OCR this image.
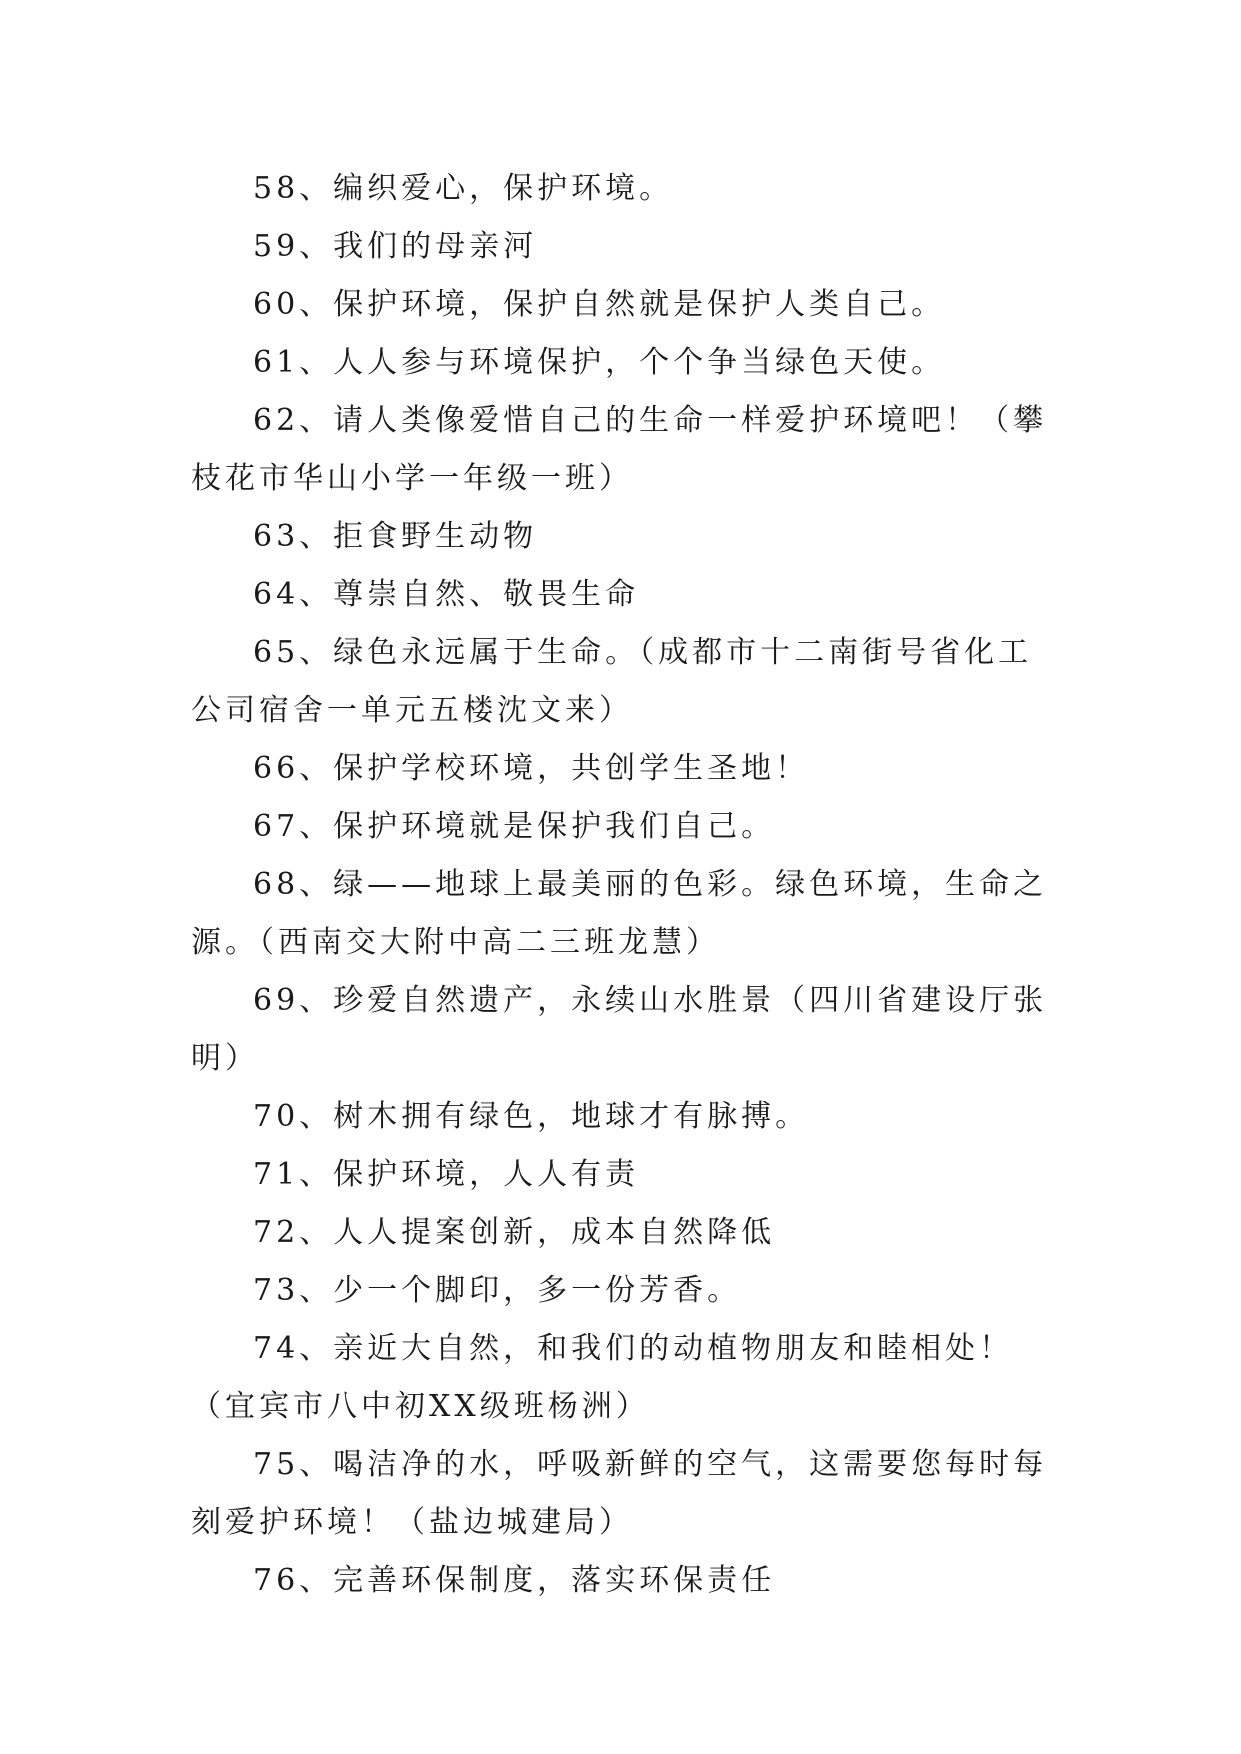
58、编织爱心，保护环境。

59、我们的母亲河

60、保护环境，保护自然就是保护人类自己。

61、人人参与环境保护，个个争当绿色天使。

62、请人类像爱惜自己的生命一样爱护环境吧！（攀枝花市华山小学一年级一班）

63、拒食野生动物

64、尊崇自然、敬畏生命

65、绿色永远属于生命。（成都市十二南街号省化工公司宿舍一单元五楼沈文来）

66、保护学校环境，共创学生圣地！

67、保护环境就是保护我们自己。

68、绿——地球上最美丽的色彩。绿色环境，生命之源。（西南交大附中高二三班龙慧）

69、珍爱自然遗产，永续山水胜景（四川省建设厅张明）

70、树木拥有绿色，地球才有脉搏。

71、保护环境，人人有责

72、人人提案创新，成本自然降低

73、少一个脚印，多一份芳香。

74、亲近大自然，和我们的动植物朋友和睦相处！（宜宾市八中初XX级班杨洲）

75、喝洁净的水，呼吸新鲜的空气，这需要您每时每刻爱护环境！（盐边城建局）

76、完善环保制度，落实环保责任
